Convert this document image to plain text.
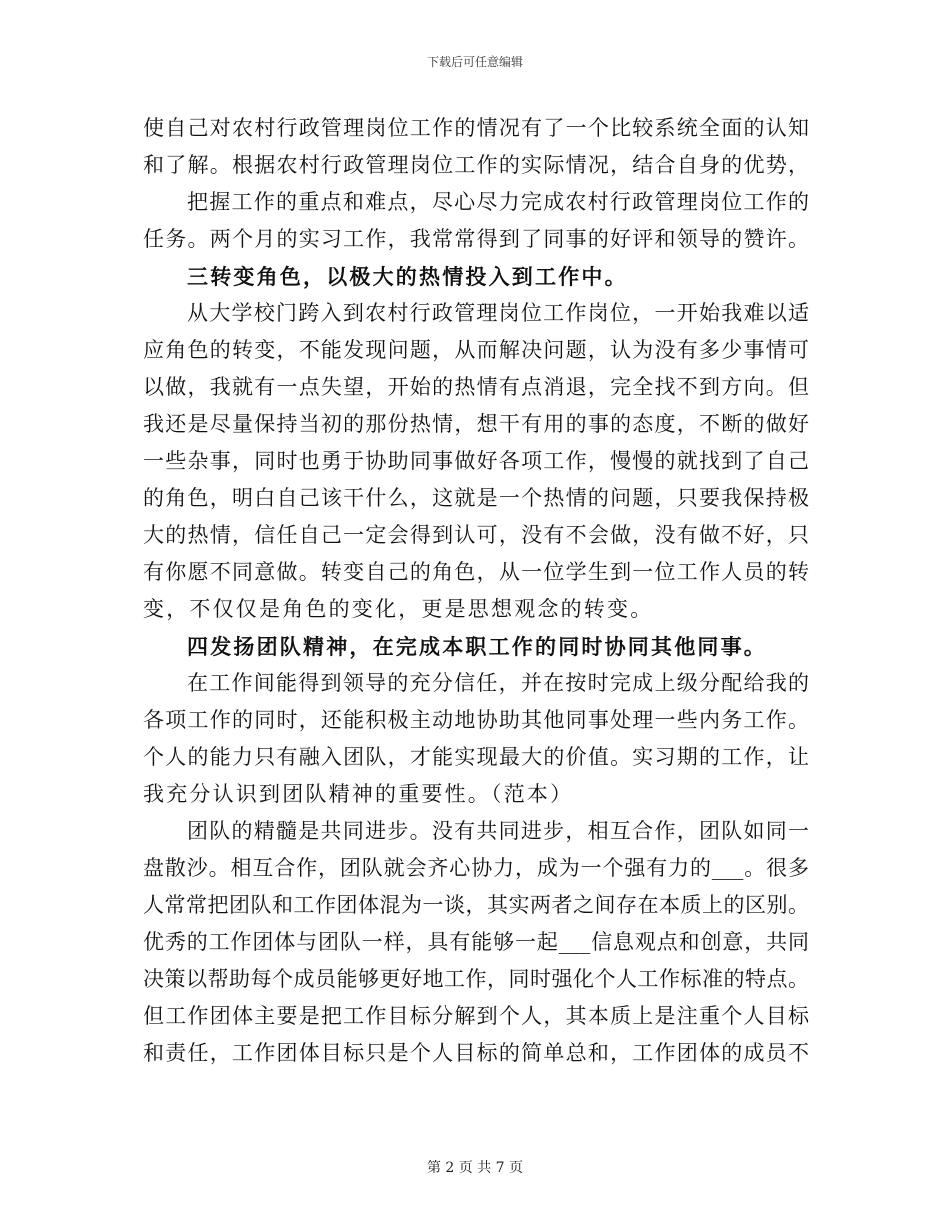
下载后可任意编辑
使自己对农村行政管理岗位工作的情况有了一个比较系统全面的认知
和了解。根据农村行政管理岗位工作的实际情况，结合自身的优势，
把握工作的重点和难点，尽心尽力完成农村行政管理岗位工作的
任务。两个月的实习工作，我常常得到了同事的好评和领导的赞许。
三转变角色，以极大的热情投入到工作中。
从大学校门跨入到农村行政管理岗位工作岗位，一开始我难以适
应角色的转变，不能发现问题，从而解决问题，认为没有多少事情可
以做，我就有一点失望，开始的热情有点消退，完全找不到方向。但
我还是尽量保持当初的那份热情，想干有用的事的态度，不断的做好
一些杂事，同时也勇于协助同事做好各项工作，慢慢的就找到了自己
的角色，明白自己该干什么，这就是一个热情的问题，只要我保持极
大的热情，信任自己一定会得到认可，没有不会做，没有做不好，只
有你愿不同意做。转变自己的角色，从一位学生到一位工作人员的转
变，不仅仅是角色的变化，更是思想观念的转变。
四发扬团队精神，在完成本职工作的同时协同其他同事。
在工作间能得到领导的充分信任，并在按时完成上级分配给我的
各项工作的同时，还能积极主动地协助其他同事处理一些内务工作。
个人的能力只有融入团队，才能实现最大的价值。实习期的工作，让
我充分认识到团队精神的重要性。（范本）
团队的精髓是共同进步。没有共同进步，相互合作，团队如同一
盘散沙。相互合作，团队就会齐心协力，成为一个强有力的___。很多
人常常把团队和工作团体混为一谈，其实两者之间存在本质上的区别。
优秀的工作团体与团队一样，具有能够一起___信息观点和创意，共同
决策以帮助每个成员能够更好地工作，同时强化个人工作标准的特点。
但工作团体主要是把工作目标分解到个人，其本质上是注重个人目标
和责任，工作团体目标只是个人目标的简单总和，工作团体的成员不
第 2 页 共 7 页
